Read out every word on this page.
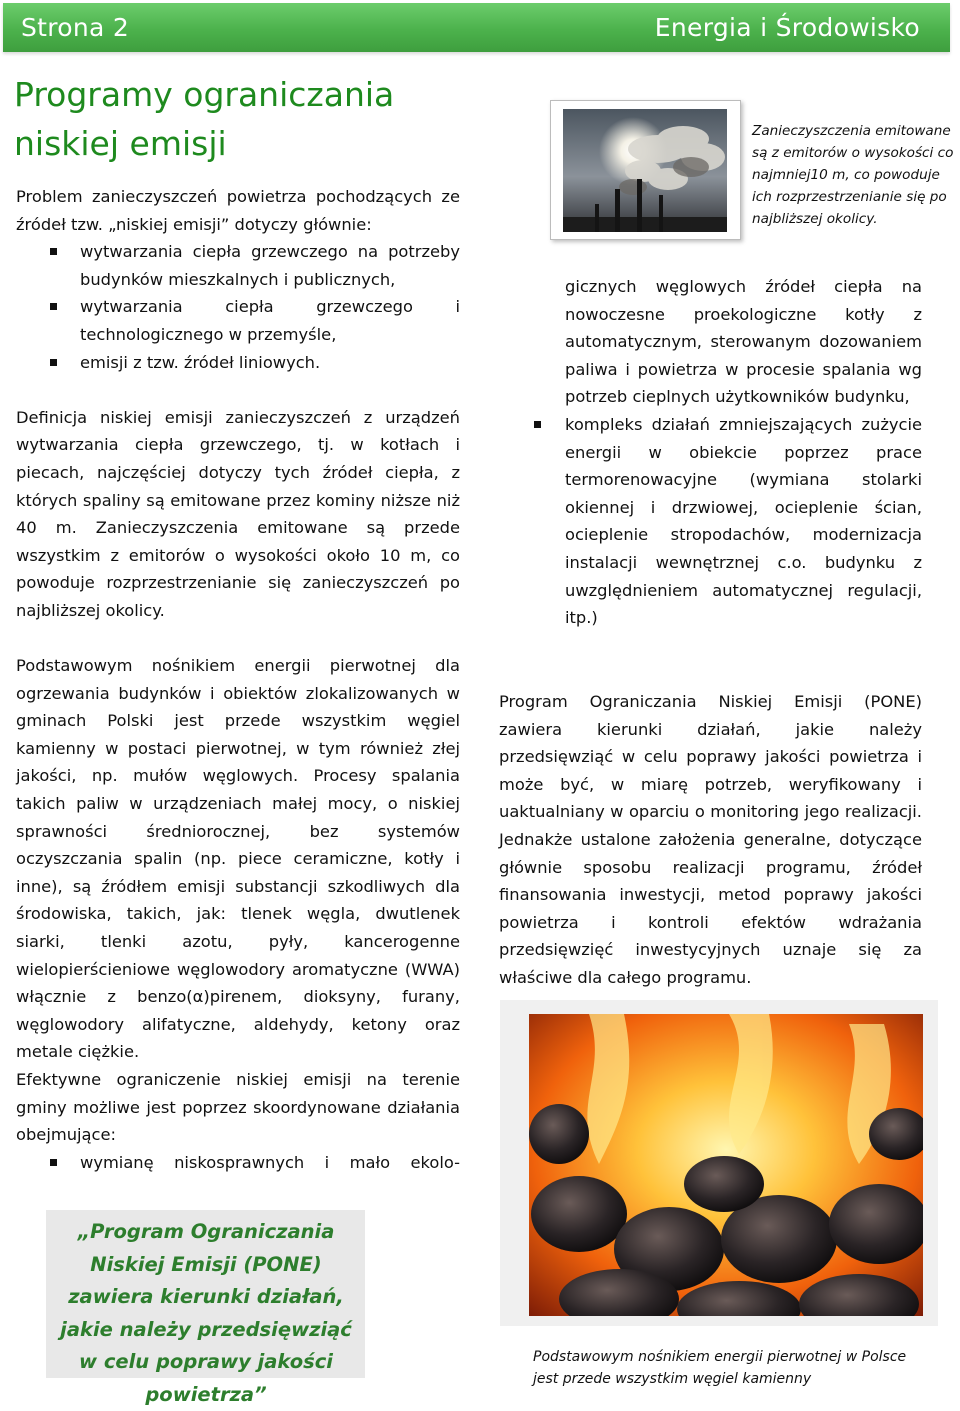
Strona 2	Energia i Środowisko
Programy ograniczania
niskiej emisji

Problem zanieczyszczeń powietrza pochodzących ze źródeł tzw. „niskiej emisji” dotyczy głównie:

wytwarzania ciepła grzewczego na potrzeby budynków mieszkalnych i publicznych,
wytwarzania ciepła grzewczego i technologicznego w przemyśle,
emisji z tzw. źródeł liniowych.

Definicja niskiej emisji zanieczyszczeń z urządzeń wytwarzania ciepła grzewczego, tj. w kotłach i piecach, najczęściej dotyczy tych źródeł ciepła, z których spaliny są emitowane przez kominy niższe niż 40 m. Zanieczyszczenia emitowane są przede wszystkim z emitorów o wysokości około 10 m, co powoduje rozprzestrzenianie się zanieczyszczeń po najbliższej okolicy.

Podstawowym nośnikiem energii pierwotnej dla ogrzewania budynków i obiektów zlokalizowanych w gminach Polski jest przede wszystkim węgiel kamienny w postaci pierwotnej, w tym również złej jakości, np. mułów węglowych. Procesy spalania takich paliw w urządzeniach małej mocy, o niskiej sprawności średniorocznej, bez systemów oczyszczania spalin (np. piece ceramiczne, kotły i inne), są źródłem emisji substancji szkodliwych dla środowiska, takich, jak: tlenek węgla, dwutlenek siarki, tlenki azotu, pyły, kancerogenne wielopierścieniowe węglowodory aromatyczne (WWA) włącznie z benzo(α)pirenem, dioksyny, furany, węglowodory alifatyczne, aldehydy, ketony oraz metale ciężkie.

Efektywne ograniczenie niskiej emisji na terenie gminy możliwe jest poprzez skoordynowane działania obejmujące:

wymianę niskosprawnych i mało ekolo-

Zanieczyszczenia emitowane są z emitorów o wysokości co najmniej10 m, co powoduje ich rozprzestrzenianie się po najbliższej okolicy.

gicznych węglowych źródeł ciepła na nowoczesne proekologiczne kotły z automatycznym, sterowanym dozowaniem paliwa i powietrza w procesie spalania wg potrzeb cieplnych użytkowników budynku,

kompleks działań zmniejszających zużycie energii w obiekcie poprzez prace termorenowacyjne (wymiana stolarki okiennej i drzwiowej, ocieplenie ścian, ocieplenie stropodachów, modernizacja instalacji wewnętrznej c.o. budynku z uwzględnieniem automatycznej regulacji, itp.)

Program Ograniczania Niskiej Emisji (PONE) zawiera kierunki działań, jakie należy przedsięwziąć w celu poprawy jakości powietrza i może być, w miarę potrzeb, weryfikowany i uaktualniany w oparciu o monitoring jego realizacji. Jednakże ustalone założenia generalne, dotyczące głównie sposobu realizacji programu, źródeł finansowania inwestycji, metod poprawy jakości powietrza i kontroli efektów wdrażania przedsięwzięć inwestycyjnych uznaje się za właściwe dla całego programu.

Podstawowym nośnikiem energii pierwotnej w Polsce jest przede wszystkim węgiel kamienny

„Program Ograniczania Niskiej Emisji (PONE) zawiera kierunki działań, jakie należy przedsięwziąć w celu poprawy jakości powietrza”
